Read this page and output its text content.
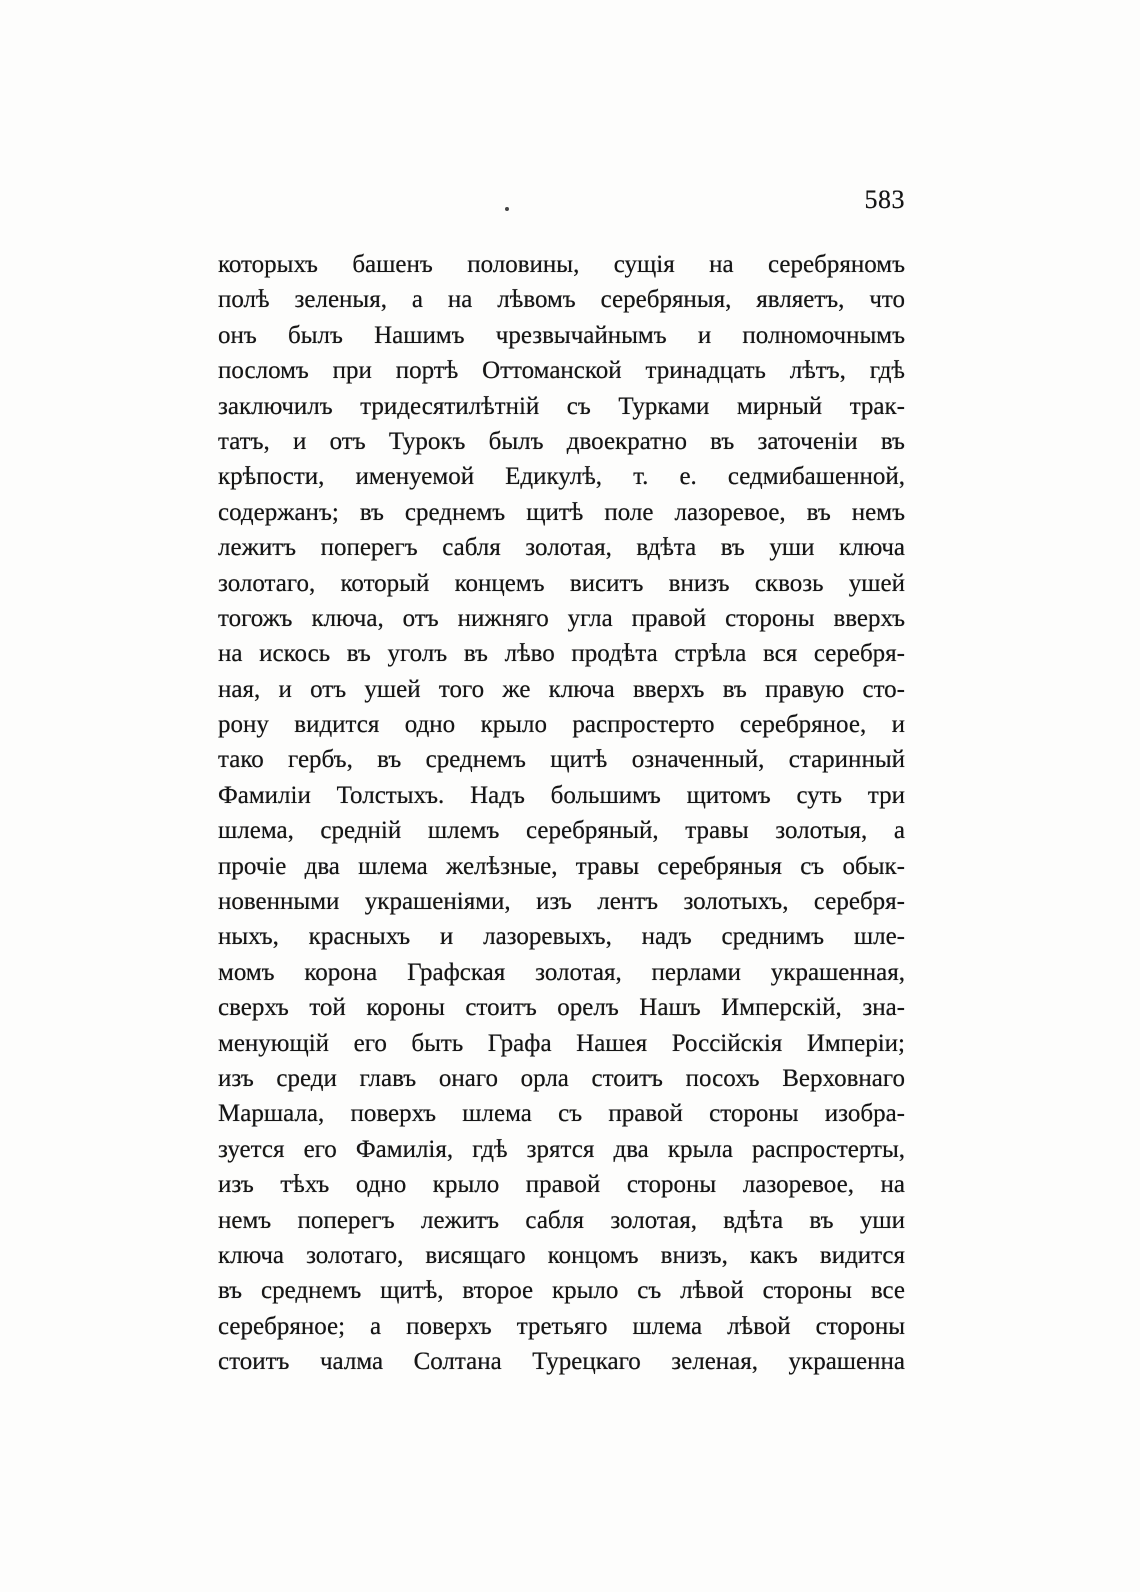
583
которыхъ башенъ половины, сущія на серебряномъ
полѣ зеленыя, а на лѣвомъ серебряныя, являетъ, что
онъ былъ Нашимъ чрезвычайнымъ и полномочнымъ
посломъ при портѣ Оттоманской тринадцать лѣтъ, гдѣ
заключилъ тридесятилѣтній съ Турками мирный трак-
татъ, и отъ Турокъ былъ двоекратно въ заточеніи въ
крѣпости, именуемой Едикулѣ, т. е. седмибашенной,
содержанъ; въ среднемъ щитѣ поле лазоревое, въ немъ
лежитъ поперегъ сабля золотая, вдѣта въ уши ключа
золотаго, который концемъ виситъ внизъ сквозь ушей
тогожъ ключа, отъ нижняго угла правой стороны вверхъ
на искось въ уголъ въ лѣво продѣта стрѣла вся серебря-
ная, и отъ ушей того же ключа вверхъ въ правую сто-
рону видится одно крыло распростерто серебряное, и
тако гербъ, въ среднемъ щитѣ означенный, старинный
Фамиліи Толстыхъ. Надъ большимъ щитомъ суть три
шлема, средній шлемъ серебряный, травы золотыя, а
прочіе два шлема желѣзные, травы серебряныя съ обык-
новенными украшеніями, изъ лентъ золотыхъ, серебря-
ныхъ, красныхъ и лазоревыхъ, надъ среднимъ шле-
момъ корона Графская золотая, перлами украшенная,
сверхъ той короны стоитъ орелъ Нашъ Имперскій, зна-
менующій его быть Графа Нашея Россійскія Имперіи;
изъ среди главъ онаго орла стоитъ посохъ Верховнаго
Маршала, поверхъ шлема съ правой стороны изобра-
зуется его Фамилія, гдѣ зрятся два крыла распростерты,
изъ тѣхъ одно крыло правой стороны лазоревое, на
немъ поперегъ лежитъ сабля золотая, вдѣта въ уши
ключа золотаго, висящаго концомъ внизъ, какъ видится
въ среднемъ щитѣ, второе крыло съ лѣвой стороны все
серебряное; а поверхъ третьяго шлема лѣвой стороны
стоитъ чалма Солтана Турецкаго зеленая, украшенна
